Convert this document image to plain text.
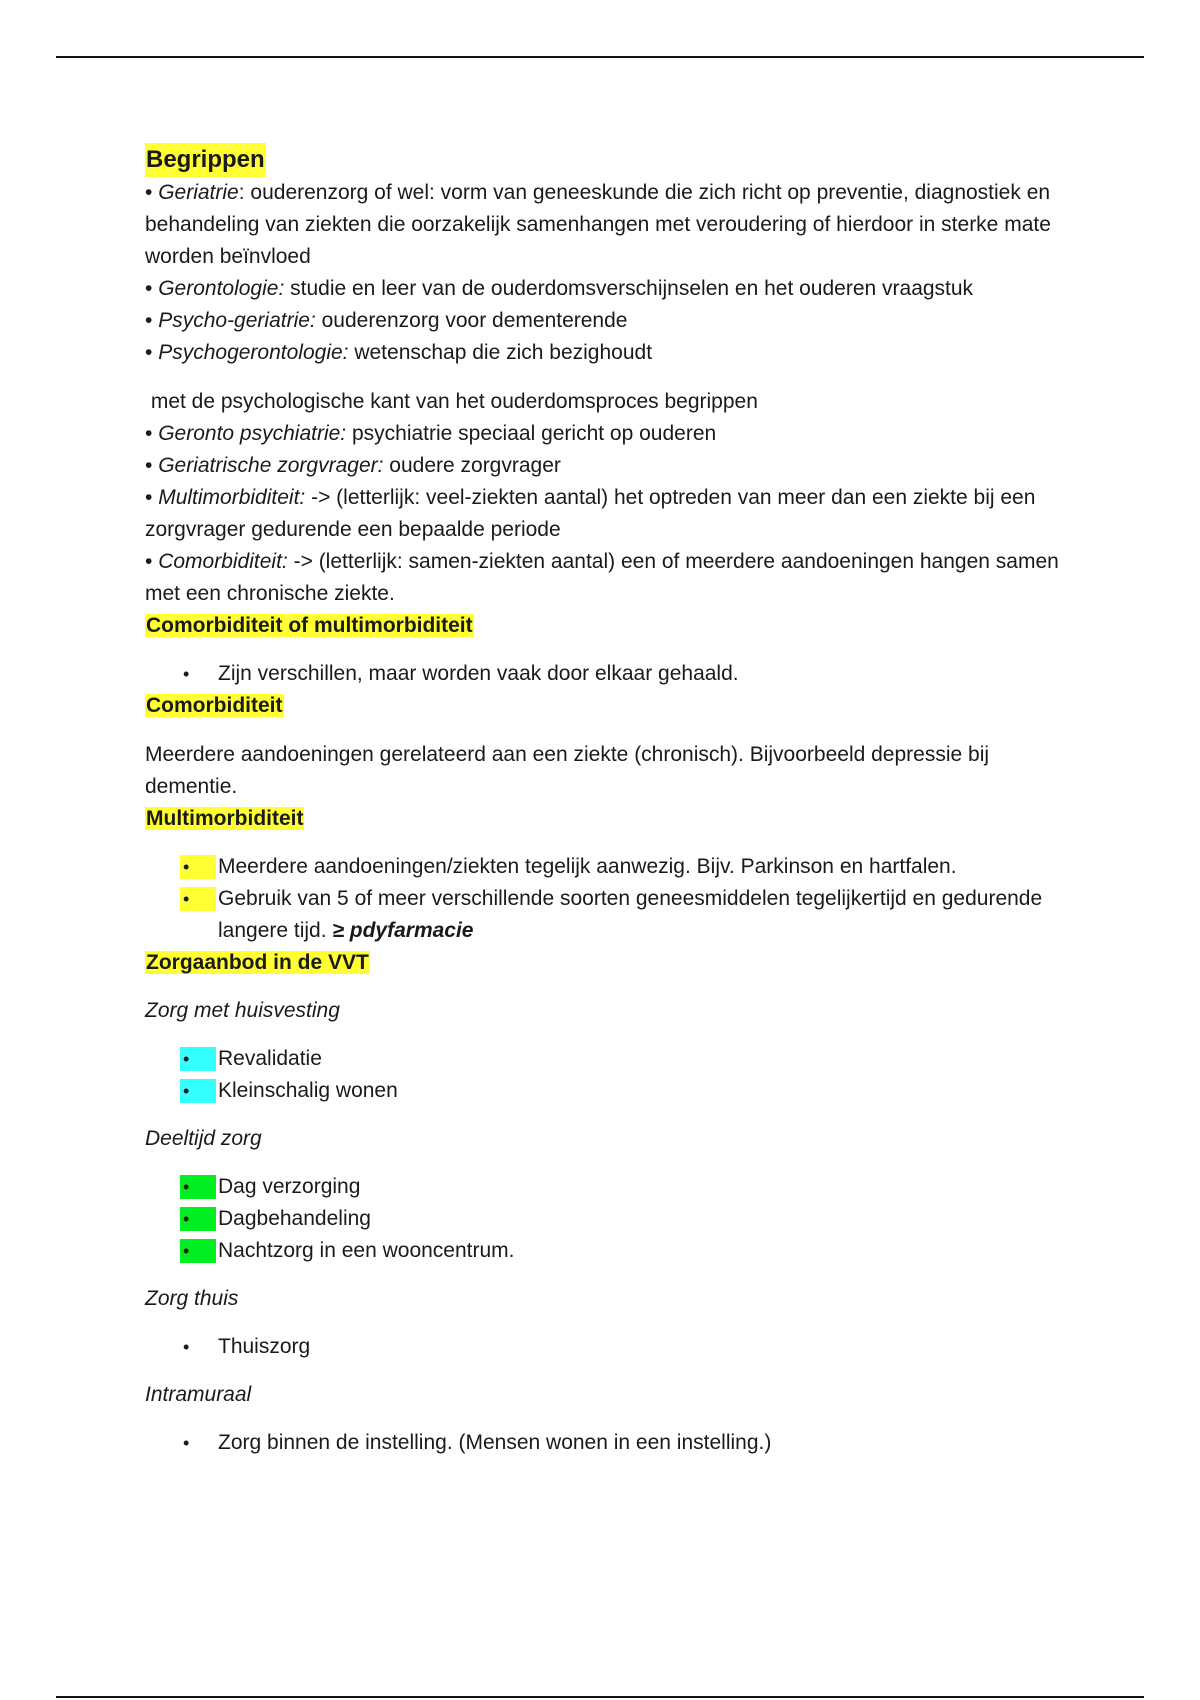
Begrippen

• Geriatrie: ouderenzorg of wel: vorm van geneeskunde die zich richt op preventie, diagnostiek en behandeling van ziekten die oorzakelijk samenhangen met veroudering of hierdoor in sterke mate worden beïnvloed

• Gerontologie: studie en leer van de ouderdomsverschijnselen en het ouderen vraagstuk

• Psycho-geriatrie: ouderenzorg voor dementerende

• Psychogerontologie: wetenschap die zich bezighoudt

met de psychologische kant van het ouderdomsproces begrippen

• Geronto psychiatrie: psychiatrie speciaal gericht op ouderen

• Geriatrische zorgvrager: oudere zorgvrager

• Multimorbiditeit: -> (letterlijk: veel-ziekten aantal) het optreden van meer dan een ziekte bij een zorgvrager gedurende een bepaalde periode

• Comorbiditeit: -> (letterlijk: samen-ziekten aantal) een of meerdere aandoeningen hangen samen met een chronische ziekte.

Comorbiditeit of multimorbiditeit

•	Zijn verschillen, maar worden vaak door elkaar gehaald.

Comorbiditeit

Meerdere aandoeningen gerelateerd aan een ziekte (chronisch). Bijvoorbeeld depressie bij dementie.

Multimorbiditeit

•	Meerdere aandoeningen/ziekten tegelijk aanwezig. Bijv. Parkinson en hartfalen.
•	Gebruik van 5 of meer verschillende soorten geneesmiddelen tegelijkertijd en gedurende langere tijd. ≥ pdyfarmacie

Zorgaanbod in de VVT

Zorg met huisvesting

•	Revalidatie
•	Kleinschalig wonen

Deeltijd zorg

•	Dag verzorging
•	Dagbehandeling
•	Nachtzorg in een wooncentrum.

Zorg thuis

•	Thuiszorg

Intramuraal

•	Zorg binnen de instelling. (Mensen wonen in een instelling.)
